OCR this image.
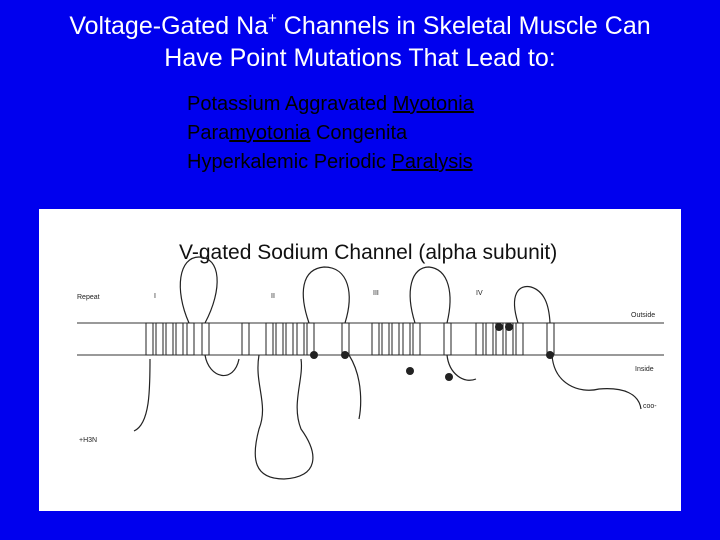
Voltage-Gated Na+ Channels in Skeletal Muscle Can
Have Point Mutations That Lead to:
Potassium Aggravated Myotonia
Paramyotonia Congenita
Hyperkalemic Periodic Paralysis
V-gated Sodium Channel (alpha subunit)
Repeat	I	II	III	IV
Outside
Inside
+H3N
coo-
